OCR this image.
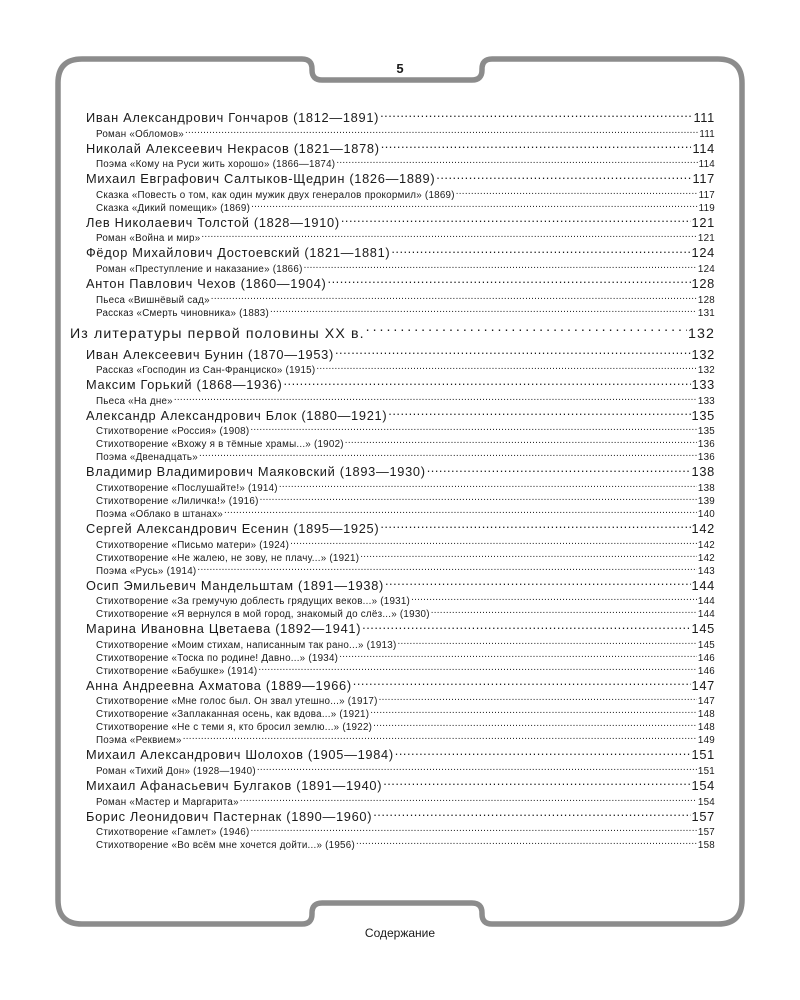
5
Иван Александрович Гончаров (1812—1891) .....	111
Роман «Обломов» .....	111
Николай Алексеевич Некрасов (1821—1878) .....	114
Поэма «Кому на Руси жить хорошо» (1866—1874) .....	114
Михаил Евграфович Салтыков-Щедрин (1826—1889) .....	117
Сказка «Повесть о том, как один мужик двух генералов прокормил» (1869) .....	117
Сказка «Дикий помещик» (1869) .....	119
Лев Николаевич Толстой (1828—1910) .....	121
Роман «Война и мир» .....	121
Фёдор Михайлович Достоевский (1821—1881) .....	124
Роман «Преступление и наказание» (1866) .....	124
Антон Павлович Чехов (1860—1904) .....	128
Пьеса «Вишнёвый сад» .....	128
Рассказ «Смерть чиновника» (1883) .....	131
Из литературы первой половины XX в. .....	132
Иван Алексеевич Бунин (1870—1953) .....	132
Рассказ «Господин из Сан-Франциско» (1915) .....	132
Максим Горький (1868—1936) .....	133
Пьеса «На дне» .....	133
Александр Александрович Блок (1880—1921) .....	135
Стихотворение «Россия» (1908) .....	135
Стихотворение «Вхожу я в тёмные храмы...» (1902) .....	136
Поэма «Двенадцать» .....	136
Владимир Владимирович Маяковский (1893—1930) .....	138
Стихотворение «Послушайте!» (1914) .....	138
Стихотворение «Лиличка!» (1916) .....	139
Поэма «Облако в штанах» .....	140
Сергей Александрович Есенин (1895—1925) .....	142
Стихотворение «Письмо матери» (1924) .....	142
Стихотворение «Не жалею, не зову, не плачу...» (1921) .....	142
Поэма «Русь» (1914) .....	143
Осип Эмильевич Мандельштам (1891—1938) .....	144
Стихотворение «За гремучую доблесть грядущих веков...» (1931) .....	144
Стихотворение «Я вернулся в мой город, знакомый до слёз...» (1930) .....	144
Марина Ивановна Цветаева (1892—1941) .....	145
Стихотворение «Моим стихам, написанным так рано...» (1913) .....	145
Стихотворение «Тоска по родине! Давно...» (1934) .....	146
Стихотворение «Бабушке» (1914) .....	146
Анна Андреевна Ахматова (1889—1966) .....	147
Стихотворение «Мне голос был. Он звал утешно...» (1917) .....	147
Стихотворение «Заплаканная осень, как вдова...» (1921) .....	148
Стихотворение «Не с теми я, кто бросил землю...» (1922) .....	148
Поэма «Реквием» .....	149
Михаил Александрович Шолохов (1905—1984) .....	151
Роман «Тихий Дон» (1928—1940) .....	151
Михаил Афанасьевич Булгаков (1891—1940) .....	154
Роман «Мастер и Маргарита» .....	154
Борис Леонидович Пастернак (1890—1960) .....	157
Стихотворение «Гамлет» (1946) .....	157
Стихотворение «Во всём мне хочется дойти...» (1956) .....	158
Содержание
